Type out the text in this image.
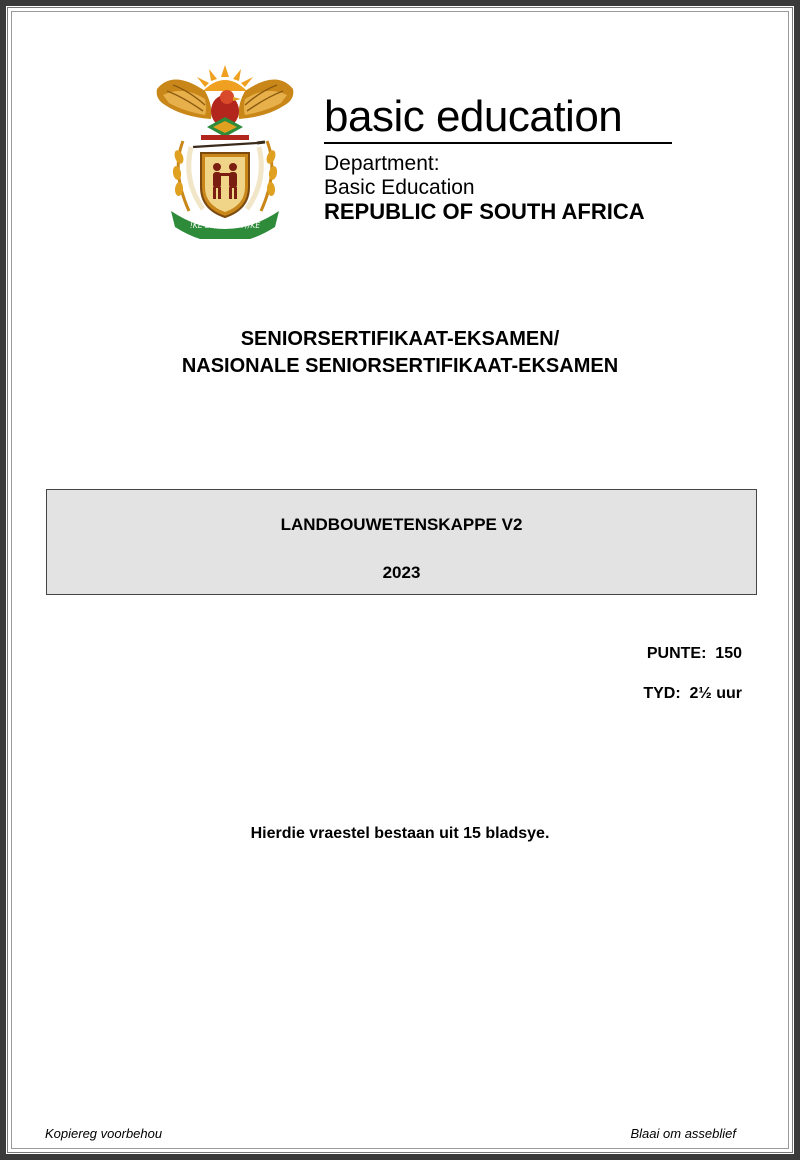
!KE E: /XARRA //KE
basic education
Department:
Basic Education
REPUBLIC OF SOUTH AFRICA
SENIORSERTIFIKAAT-EKSAMEN/
NASIONALE SENIORSERTIFIKAAT-EKSAMEN
LANDBOUWETENSKAPPE V2
2023
PUNTE:  150
TYD:  2½ uur
Hierdie vraestel bestaan uit 15 bladsye.
Kopiereg voorbehou	Blaai om asseblief
